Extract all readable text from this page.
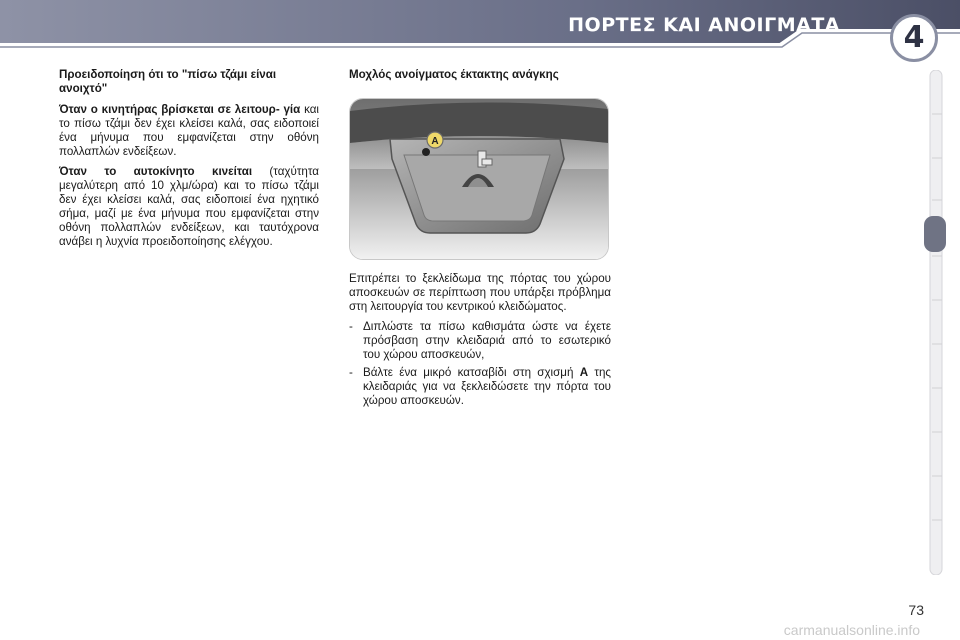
ΠΟΡΤΕΣ ΚΑΙ ΑΝΟΙΓΜΑΤΑ	4
Προειδοποίηση ότι το "πίσω τζάμι είναι ανοιχτό"

Όταν ο κινητήρας βρίσκεται σε λειτουρ- γία και το πίσω τζάμι δεν έχει κλείσει καλά, σας ειδοποιεί ένα μήνυμα που εμφανίζεται στην οθόνη πολλαπλών ενδείξεων.

Όταν το αυτοκίνητο κινείται (ταχύτητα μεγαλύτερη από 10 χλμ/ώρα) και το πίσω τζάμι δεν έχει κλείσει καλά, σας ειδοποιεί ένα ηχητικό σήμα, μαζί με ένα μήνυμα που εμφανίζεται στην οθόνη πολλαπλών ενδείξεων, και ταυτόχρονα ανάβει η λυχνία προειδοποίησης ελέγχου.

Μοχλός ανοίγματος έκτακτης ανάγκης
A

Επιτρέπει το ξεκλείδωμα της πόρτας του χώρου αποσκευών σε περίπτωση που υπάρξει πρόβλημα στη λειτουργία του κεντρικού κλειδώματος.

- Διπλώστε τα πίσω καθισμάτα ώστε να έχετε πρόσβαση στην κλειδαριά από το εσωτερικό του χώρου αποσκευών,
- Βάλτε ένα μικρό κατσαβίδι στη σχισμή A της κλειδαριάς για να ξεκλειδώσετε την πόρτα του χώρου αποσκευών.
73
carmanualsonline.info
